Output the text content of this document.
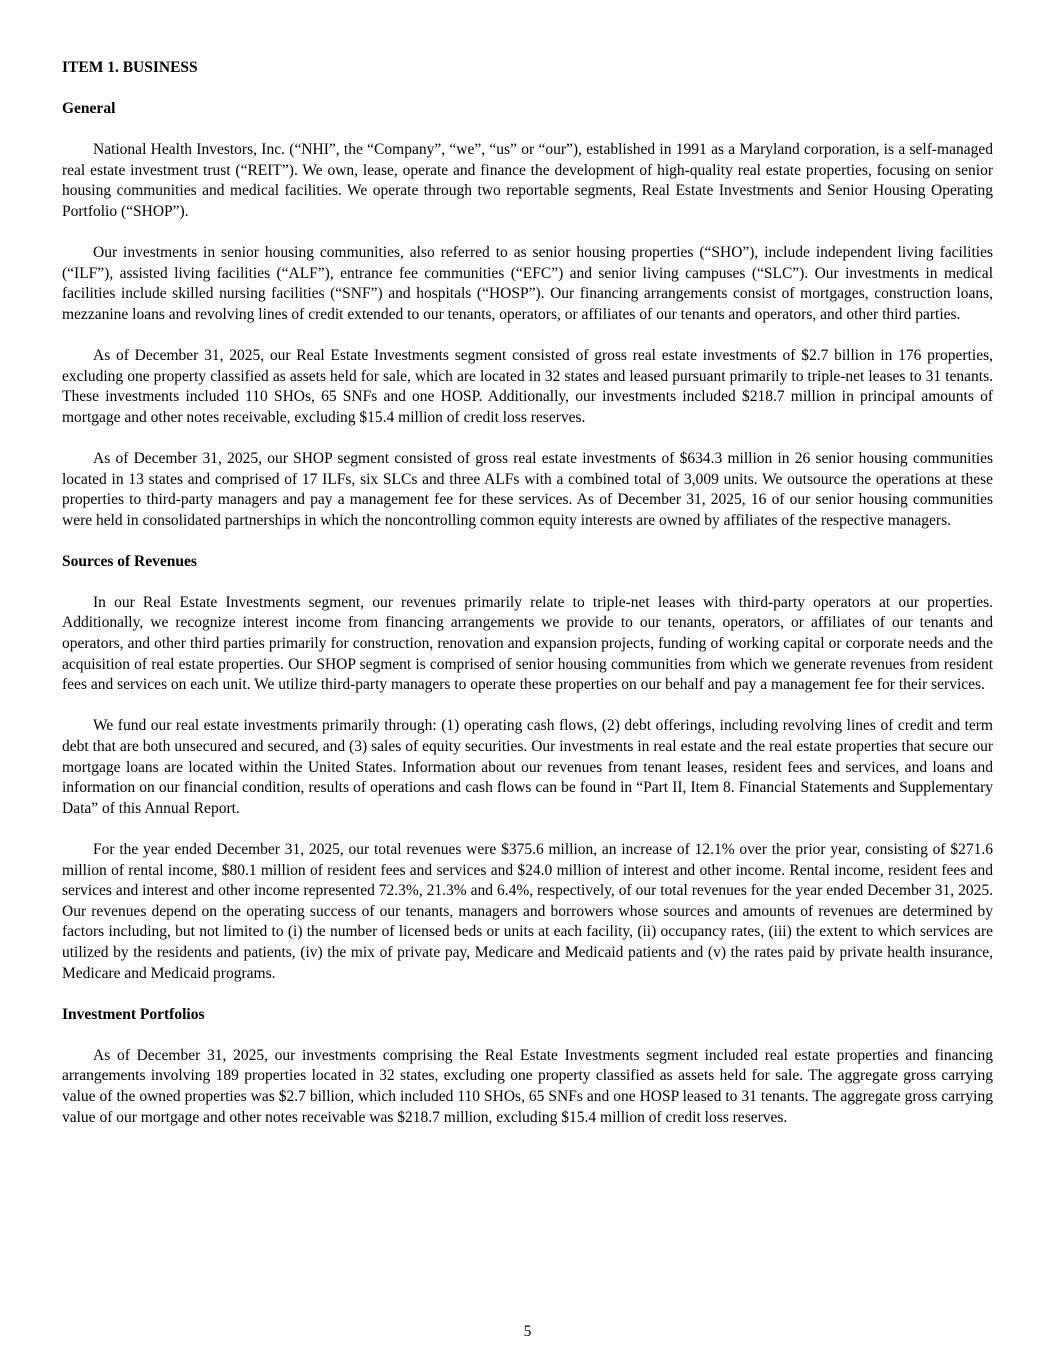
ITEM 1. BUSINESS
General

National Health Investors, Inc. (“NHI”, the “Company”, “we”, “us” or “our”), established in 1991 as a Maryland corporation, is a self-managed real estate investment trust (“REIT”). We own, lease, operate and finance the development of high-quality real estate properties, focusing on senior housing communities and medical facilities. We operate through two reportable segments, Real Estate Investments and Senior Housing Operating Portfolio (“SHOP”).

Our investments in senior housing communities, also referred to as senior housing properties (“SHO”), include independent living facilities (“ILF”), assisted living facilities (“ALF”), entrance fee communities (“EFC”) and senior living campuses (“SLC”). Our investments in medical facilities include skilled nursing facilities (“SNF”) and hospitals (“HOSP”). Our financing arrangements consist of mortgages, construction loans, mezzanine loans and revolving lines of credit extended to our tenants, operators, or affiliates of our tenants and operators, and other third parties.

As of December 31, 2025, our Real Estate Investments segment consisted of gross real estate investments of $2.7 billion in 176 properties, excluding one property classified as assets held for sale, which are located in 32 states and leased pursuant primarily to triple-net leases to 31 tenants. These investments included 110 SHOs, 65 SNFs and one HOSP. Additionally, our investments included $218.7 million in principal amounts of mortgage and other notes receivable, excluding $15.4 million of credit loss reserves.

As of December 31, 2025, our SHOP segment consisted of gross real estate investments of $634.3 million in 26 senior housing communities located in 13 states and comprised of 17 ILFs, six SLCs and three ALFs with a combined total of 3,009 units. We outsource the operations at these properties to third-party managers and pay a management fee for these services. As of December 31, 2025, 16 of our senior housing communities were held in consolidated partnerships in which the noncontrolling common equity interests are owned by affiliates of the respective managers.

Sources of Revenues

In our Real Estate Investments segment, our revenues primarily relate to triple-net leases with third-party operators at our properties. Additionally, we recognize interest income from financing arrangements we provide to our tenants, operators, or affiliates of our tenants and operators, and other third parties primarily for construction, renovation and expansion projects, funding of working capital or corporate needs and the acquisition of real estate properties. Our SHOP segment is comprised of senior housing communities from which we generate revenues from resident fees and services on each unit. We utilize third-party managers to operate these properties on our behalf and pay a management fee for their services.

We fund our real estate investments primarily through: (1) operating cash flows, (2) debt offerings, including revolving lines of credit and term debt that are both unsecured and secured, and (3) sales of equity securities. Our investments in real estate and the real estate properties that secure our mortgage loans are located within the United States. Information about our revenues from tenant leases, resident fees and services, and loans and information on our financial condition, results of operations and cash flows can be found in “Part II, Item 8. Financial Statements and Supplementary Data” of this Annual Report.

For the year ended December 31, 2025, our total revenues were $375.6 million, an increase of 12.1% over the prior year, consisting of $271.6 million of rental income, $80.1 million of resident fees and services and $24.0 million of interest and other income. Rental income, resident fees and services and interest and other income represented 72.3%, 21.3% and 6.4%, respectively, of our total revenues for the year ended December 31, 2025. Our revenues depend on the operating success of our tenants, managers and borrowers whose sources and amounts of revenues are determined by factors including, but not limited to (i) the number of licensed beds or units at each facility, (ii) occupancy rates, (iii) the extent to which services are utilized by the residents and patients, (iv) the mix of private pay, Medicare and Medicaid patients and (v) the rates paid by private health insurance, Medicare and Medicaid programs.

Investment Portfolios

As of December 31, 2025, our investments comprising the Real Estate Investments segment included real estate properties and financing arrangements involving 189 properties located in 32 states, excluding one property classified as assets held for sale. The aggregate gross carrying value of the owned properties was $2.7 billion, which included 110 SHOs, 65 SNFs and one HOSP leased to 31 tenants. The aggregate gross carrying value of our mortgage and other notes receivable was $218.7 million, excluding $15.4 million of credit loss reserves.

5
